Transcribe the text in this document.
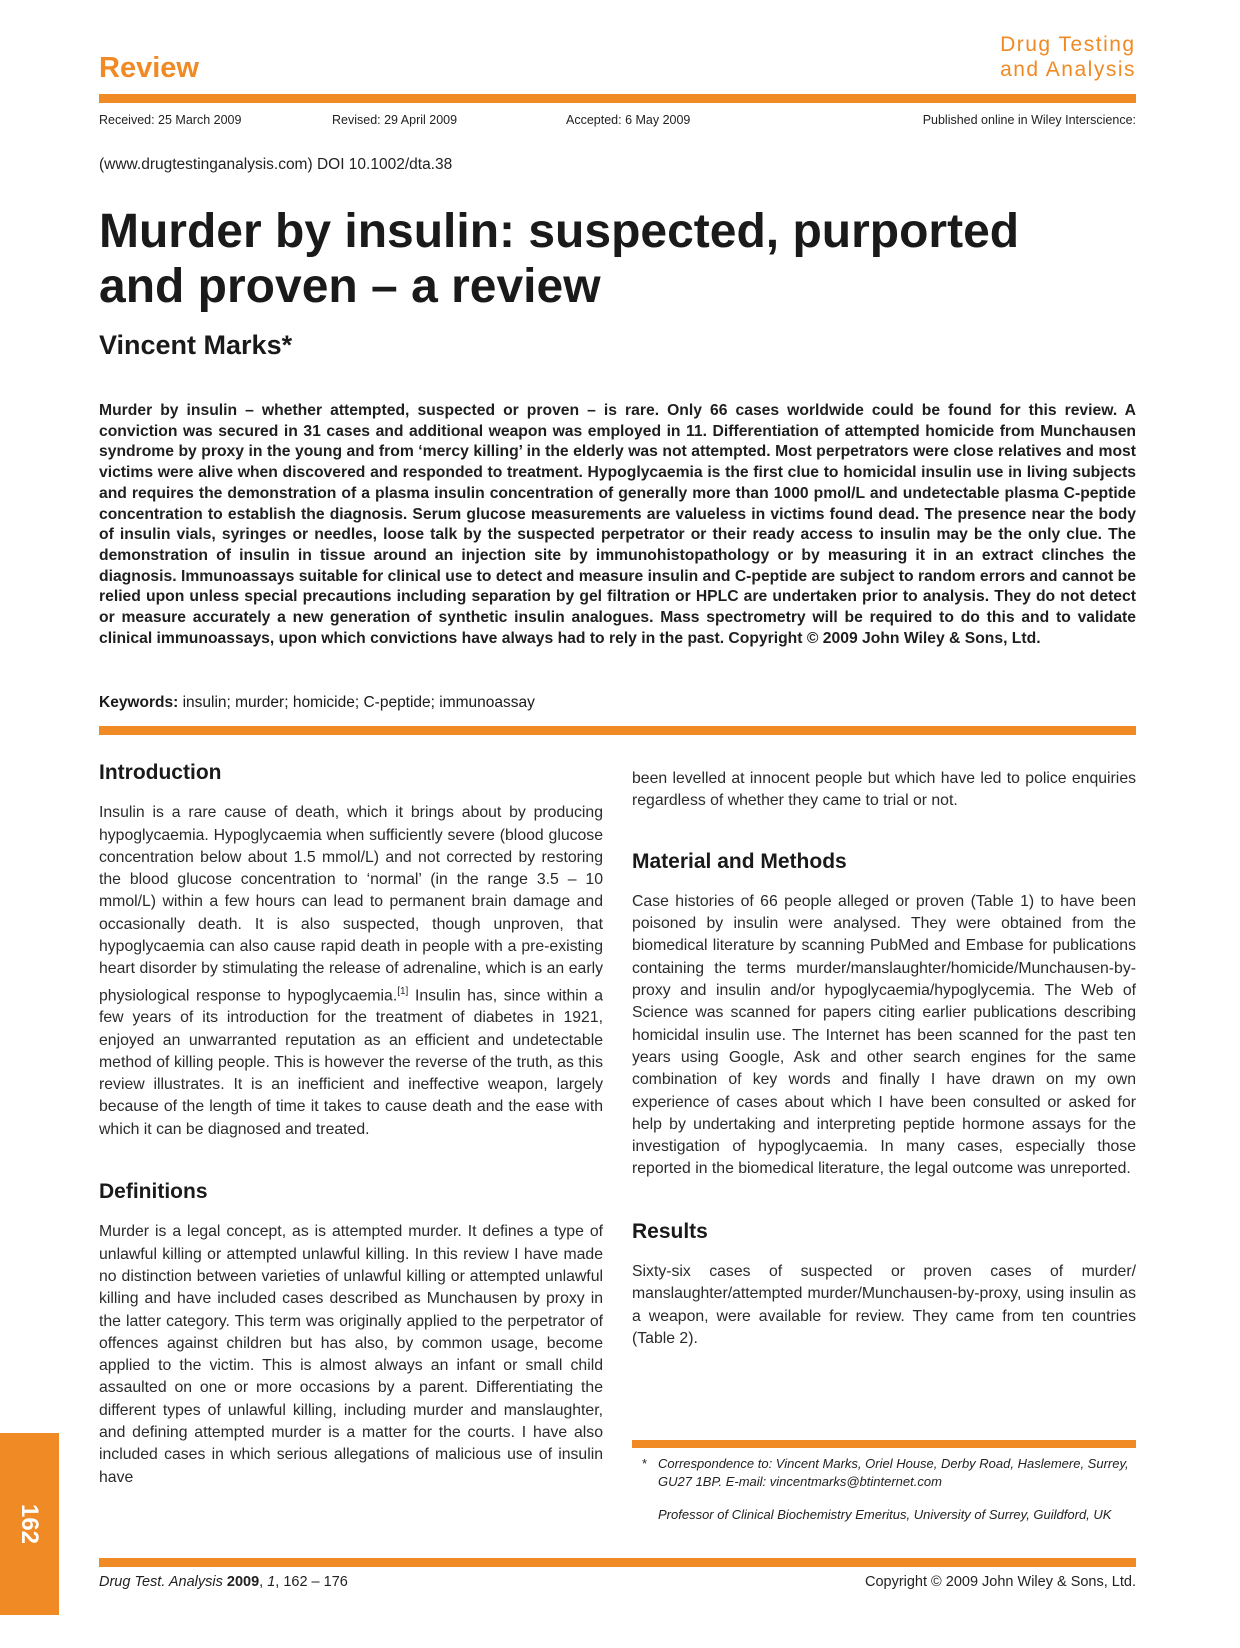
Review
Drug Testing
and Analysis
Received: 25 March 2009	Revised: 29 April 2009	Accepted: 6 May 2009	Published online in Wiley Interscience:
(www.drugtestinganalysis.com) DOI 10.1002/dta.38
Murder by insulin: suspected, purported
and proven – a review
Vincent Marks*
Murder by insulin – whether attempted, suspected or proven – is rare. Only 66 cases worldwide could be found for this review. A conviction was secured in 31 cases and additional weapon was employed in 11. Differentiation of attempted homicide from Munchausen syndrome by proxy in the young and from ‘mercy killing’ in the elderly was not attempted. Most perpetrators were close relatives and most victims were alive when discovered and responded to treatment. Hypoglycaemia is the first clue to homicidal insulin use in living subjects and requires the demonstration of a plasma insulin concentration of generally more than 1000 pmol/L and undetectable plasma C-peptide concentration to establish the diagnosis. Serum glucose measurements are valueless in victims found dead. The presence near the body of insulin vials, syringes or needles, loose talk by the suspected perpetrator or their ready access to insulin may be the only clue. The demonstration of insulin in tissue around an injection site by immunohistopathology or by measuring it in an extract clinches the diagnosis. Immunoassays suitable for clinical use to detect and measure insulin and C-peptide are subject to random errors and cannot be relied upon unless special precautions including separation by gel filtration or HPLC are undertaken prior to analysis. They do not detect or measure accurately a new generation of synthetic insulin analogues. Mass spectrometry will be required to do this and to validate clinical immunoassays, upon which convictions have always had to rely in the past. Copyright © 2009 John Wiley & Sons, Ltd.
Keywords: insulin; murder; homicide; C-peptide; immunoassay
Introduction

Insulin is a rare cause of death, which it brings about by producing hypoglycaemia. Hypoglycaemia when sufficiently severe (blood glucose concentration below about 1.5 mmol/L) and not corrected by restoring the blood glucose concentration to ‘normal’ (in the range 3.5 – 10 mmol/L) within a few hours can lead to permanent brain damage and occasionally death. It is also suspected, though unproven, that hypoglycaemia can also cause rapid death in people with a pre-existing heart disorder by stimulating the release of adrenaline, which is an early physiological response to hypoglycaemia.[1] Insulin has, since within a few years of its introduction for the treatment of diabetes in 1921, enjoyed an unwarranted reputation as an efficient and undetectable method of killing people. This is however the reverse of the truth, as this review illustrates. It is an inefficient and ineffective weapon, largely because of the length of time it takes to cause death and the ease with which it can be diagnosed and treated.

Definitions

Murder is a legal concept, as is attempted murder. It defines a type of unlawful killing or attempted unlawful killing. In this review I have made no distinction between varieties of unlawful killing or attempted unlawful killing and have included cases described as Munchausen by proxy in the latter category. This term was originally applied to the perpetrator of offences against children but has also, by common usage, become applied to the victim. This is almost always an infant or small child assaulted on one or more occasions by a parent. Differentiating the different types of unlawful killing, including murder and manslaughter, and defining attempted murder is a matter for the courts. I have also included cases in which serious allegations of malicious use of insulin have

been levelled at innocent people but which have led to police enquiries regardless of whether they came to trial or not.

Material and Methods

Case histories of 66 people alleged or proven (Table 1) to have been poisoned by insulin were analysed. They were obtained from the biomedical literature by scanning PubMed and Embase for publications containing the terms murder/manslaughter/homicide/Munchausen-by-proxy and insulin and/or hypoglycaemia/hypoglycemia. The Web of Science was scanned for papers citing earlier publications describing homicidal insulin use. The Internet has been scanned for the past ten years using Google, Ask and other search engines for the same combination of key words and finally I have drawn on my own experience of cases about which I have been consulted or asked for help by undertaking and interpreting peptide hormone assays for the investigation of hypoglycaemia. In many cases, especially those reported in the biomedical literature, the legal outcome was unreported.

Results

Sixty-six cases of suspected or proven cases of murder/ manslaughter/attempted murder/Munchausen-by-proxy, using insulin as a weapon, were available for review. They came from ten countries (Table 2).

* Correspondence to: Vincent Marks, Oriel House, Derby Road, Haslemere, Surrey, GU27 1BP. E-mail: vincentmarks@btinternet.com
Professor of Clinical Biochemistry Emeritus, University of Surrey, Guildford, UK
162
Drug Test. Analysis 2009, 1, 162 – 176	Copyright © 2009 John Wiley & Sons, Ltd.
